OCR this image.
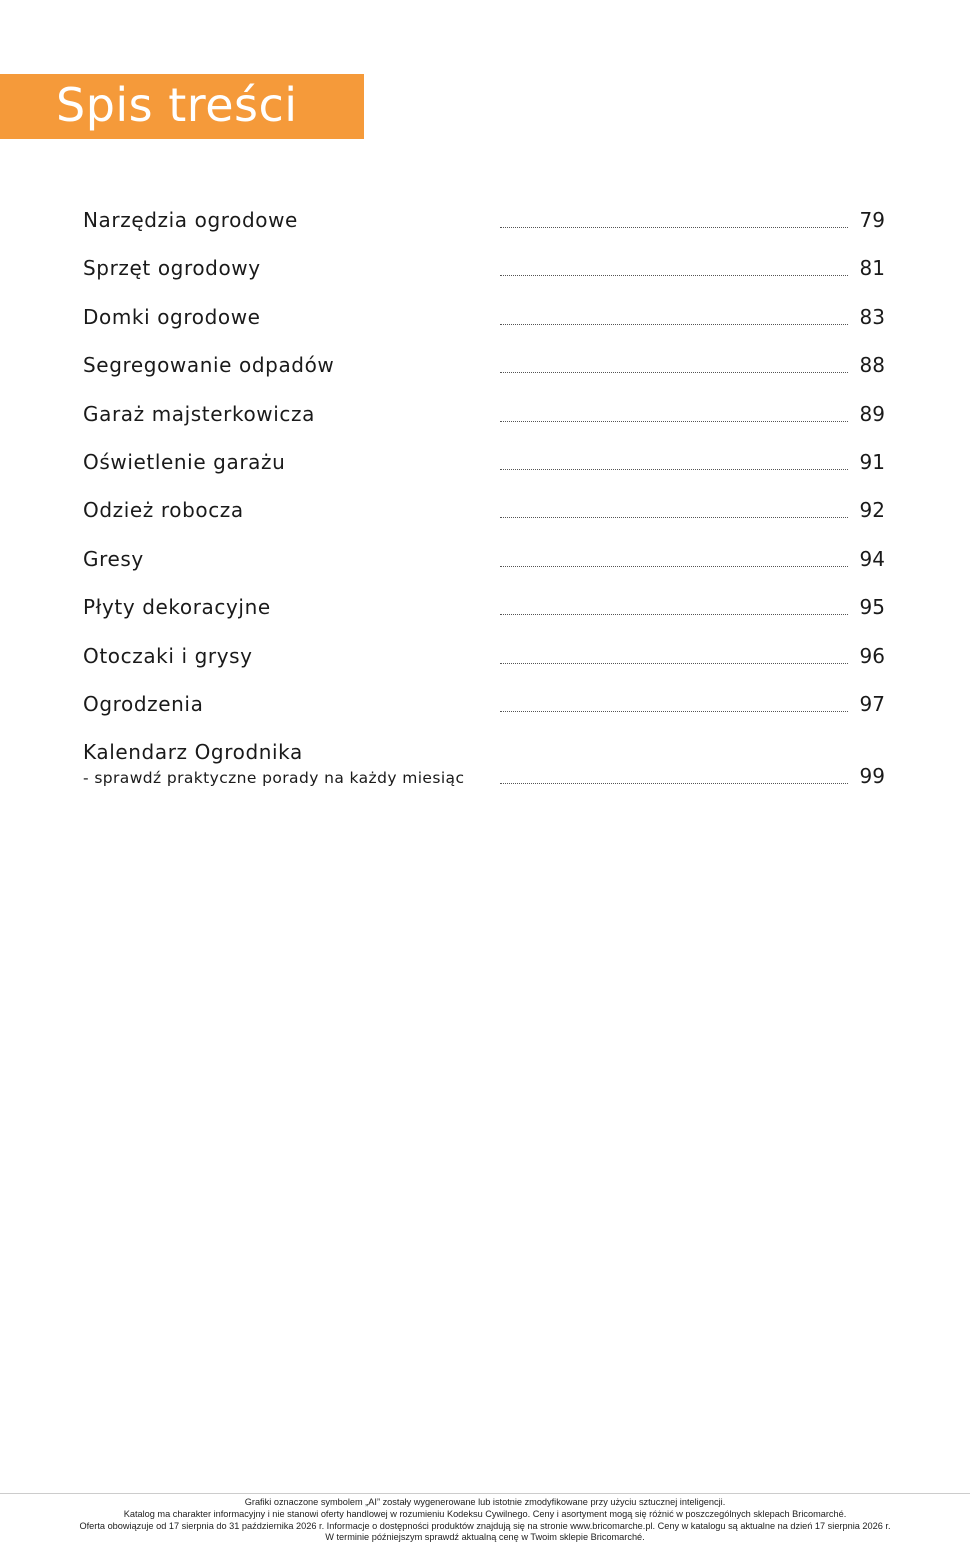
Spis treści
Narzędzia ogrodowe	79
Sprzęt ogrodowy	81
Domki ogrodowe	83
Segregowanie odpadów	88
Garaż majsterkowicza	89
Oświetlenie garażu	91
Odzież robocza	92
Gresy	94
Płyty dekoracyjne	95
Otoczaki i grysy	96
Ogrodzenia	97
Kalendarz Ogrodnika
- sprawdź praktyczne porady na każdy miesiąc	99
Grafiki oznaczone symbolem „AI” zostały wygenerowane lub istotnie zmodyfikowane przy użyciu sztucznej inteligencji.
Katalog ma charakter informacyjny i nie stanowi oferty handlowej w rozumieniu Kodeksu Cywilnego. Ceny i asortyment mogą się różnić w poszczególnych sklepach Bricomarché.
Oferta obowiązuje od 17 sierpnia do 31 października 2026 r. Informacje o dostępności produktów znajdują się na stronie www.bricomarche.pl. Ceny w katalogu są aktualne na dzień 17 sierpnia 2026 r.
W terminie późniejszym sprawdź aktualną cenę w Twoim sklepie Bricomarché.
